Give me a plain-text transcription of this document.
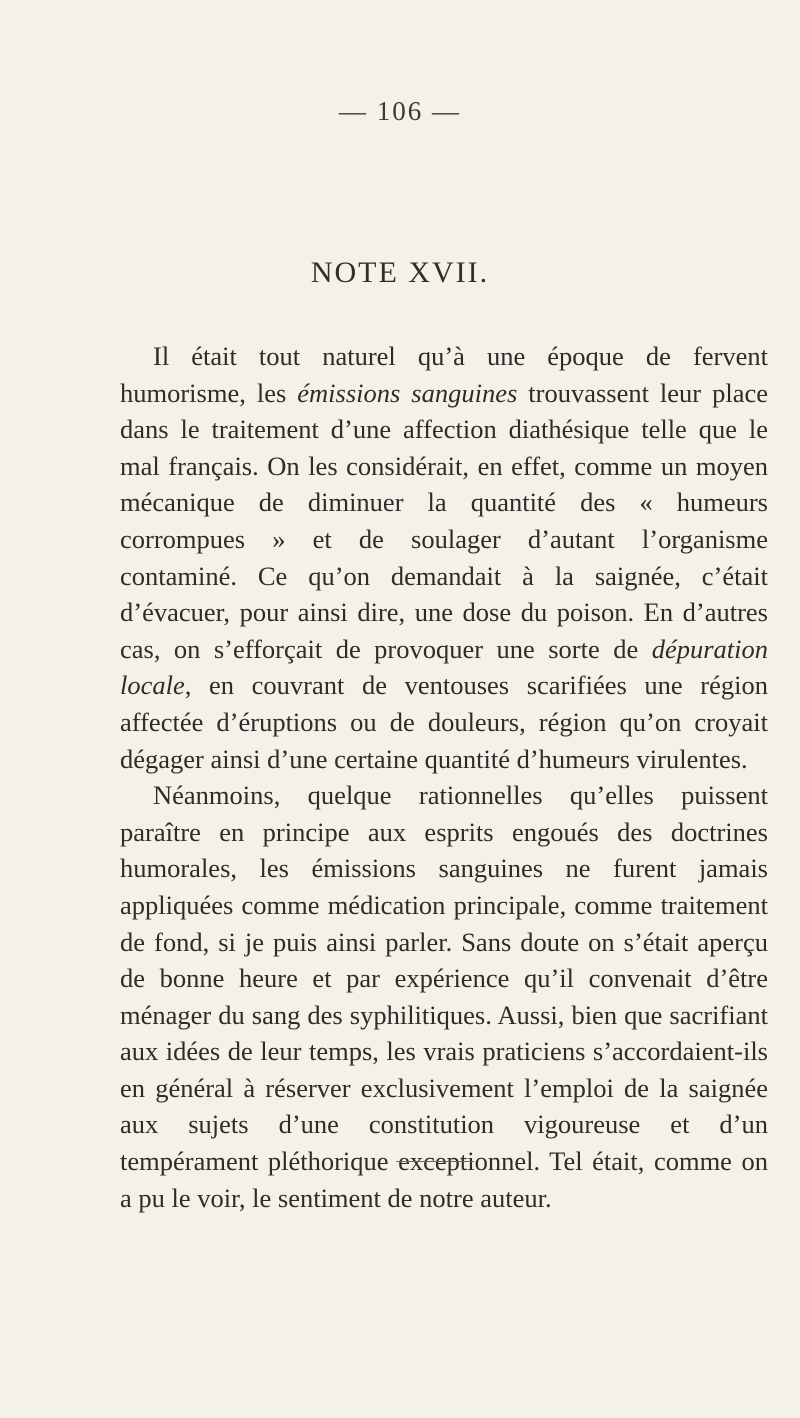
— 106 —
NOTE XVII.

Il était tout naturel qu’à une époque de fervent humorisme, les émissions sanguines trouvassent leur place dans le traitement d’une affection diathésique telle que le mal français. On les considérait, en effet, comme un moyen mécanique de diminuer la quantité des « humeurs corrompues » et de soulager d’autant l’organisme contaminé. Ce qu’on demandait à la saignée, c’était d’évacuer, pour ainsi dire, une dose du poison. En d’autres cas, on s’efforçait de provoquer une sorte de dépuration locale, en couvrant de ventouses scarifiées une région affectée d’éruptions ou de douleurs, région qu’on croyait dégager ainsi d’une certaine quantité d’humeurs virulentes.

Néanmoins, quelque rationnelles qu’elles puissent paraître en principe aux esprits engoués des doctrines humorales, les émissions sanguines ne furent jamais appliquées comme médication principale, comme traitement de fond, si je puis ainsi parler. Sans doute on s’était aperçu de bonne heure et par expérience qu’il convenait d’être ménager du sang des syphilitiques. Aussi, bien que sacrifiant aux idées de leur temps, les vrais praticiens s’accordaient-ils en général à réserver exclusivement l’emploi de la saignée aux sujets d’une constitution vigoureuse et d’un tempérament pléthorique exceptionnel. Tel était, comme on a pu le voir, le sentiment de notre auteur.
